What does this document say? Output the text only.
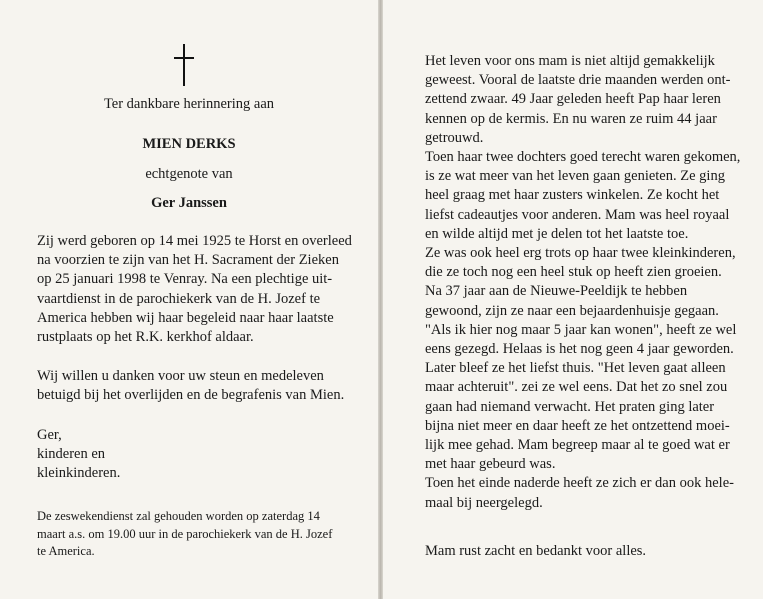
Ter dankbare herinnering aan
MIEN DERKS
echtgenote van
Ger Janssen
Zij werd geboren op 14 mei 1925 te Horst en overleed
na voorzien te zijn van het H. Sacrament der Zieken
op 25 januari 1998 te Venray. Na een plechtige uit-
vaartdienst in de parochiekerk van de H. Jozef te
America hebben wij haar begeleid naar haar laatste
rustplaats op het R.K. kerkhof aldaar.
Wij willen u danken voor uw steun en medeleven
betuigd bij het overlijden en de begrafenis van Mien.
Ger,
kinderen en
kleinkinderen.
De zeswekendienst zal gehouden worden op zaterdag 14
maart a.s. om 19.00 uur in de parochiekerk van de H. Jozef
te America.
Het leven voor ons mam is niet altijd gemakkelijk
geweest. Vooral de laatste drie maanden werden ont-
zettend zwaar. 49 Jaar geleden heeft Pap haar leren
kennen op de kermis. En nu waren ze ruim 44 jaar
getrouwd.
Toen haar twee dochters goed terecht waren gekomen,
is ze wat meer van het leven gaan genieten. Ze ging
heel graag met haar zusters winkelen. Ze kocht het
liefst cadeautjes voor anderen. Mam was heel royaal
en wilde altijd met je delen tot het laatste toe.
Ze was ook heel erg trots op haar twee kleinkinderen,
die ze toch nog een heel stuk op heeft zien groeien.
Na 37 jaar aan de Nieuwe-Peeldijk te hebben
gewoond, zijn ze naar een bejaardenhuisje gegaan.
"Als ik hier nog maar 5 jaar kan wonen", heeft ze wel
eens gezegd. Helaas is het nog geen 4 jaar geworden.
Later bleef ze het liefst thuis. "Het leven gaat alleen
maar achteruit". zei ze wel eens. Dat het zo snel zou
gaan had niemand verwacht. Het praten ging later
bijna niet meer en daar heeft ze het ontzettend moei-
lijk mee gehad. Mam begreep maar al te goed wat er
met haar gebeurd was.
Toen het einde naderde heeft ze zich er dan ook hele-
maal bij neergelegd.
Mam rust zacht en bedankt voor alles.
